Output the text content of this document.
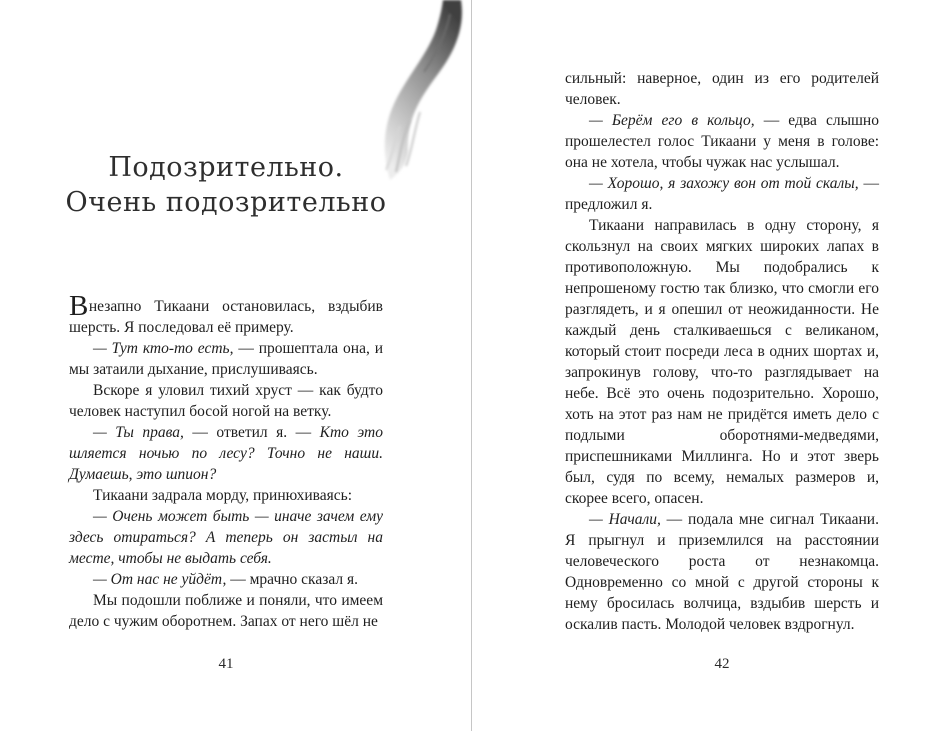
Подозрительно.
Очень подозрительно

Внезапно Тикаани остановилась, вздыбив шерсть. Я последовал её примеру.

— Тут кто-то есть, — прошептала она, и мы затаили дыхание, прислушиваясь.

Вскоре я уловил тихий хруст — как будто человек наступил босой ногой на ветку.

— Ты права, — ответил я. — Кто это шляется ночью по лесу? Точно не наши. Думаешь, это шпион?

Тикаани задрала морду, принюхиваясь:

— Очень может быть — иначе зачем ему здесь отираться? А теперь он застыл на месте, чтобы не выдать себя.

— От нас не уйдёт, — мрачно сказал я.

Мы подошли поближе и поняли, что имеем дело с чужим оборотнем. Запах от него шёл не

41

сильный: наверное, один из его родителей человек.

— Берём его в кольцо, — едва слышно прошелестел голос Тикаани у меня в голове: она не хотела, чтобы чужак нас услышал.

— Хорошо, я захожу вон от той скалы, — предложил я.

Тикаани направилась в одну сторону, я скользнул на своих мягких широких лапах в противоположную. Мы подобрались к непрошеному гостю так близко, что смогли его разглядеть, и я опешил от неожиданности. Не каждый день сталкиваешься с великаном, который стоит посреди леса в одних шортах и, запрокинув голову, что-то разглядывает на небе. Всё это очень подозрительно. Хорошо, хоть на этот раз нам не придётся иметь дело с подлыми оборотнями-медведями, приспешниками Миллинга. Но и этот зверь был, судя по всему, немалых размеров и, скорее всего, опасен.

— Начали, — подала мне сигнал Тикаани. Я прыгнул и приземлился на расстоянии человеческого роста от незнакомца. Одновременно со мной с другой стороны к нему бросилась волчица, вздыбив шерсть и оскалив пасть. Молодой человек вздрогнул.

42
